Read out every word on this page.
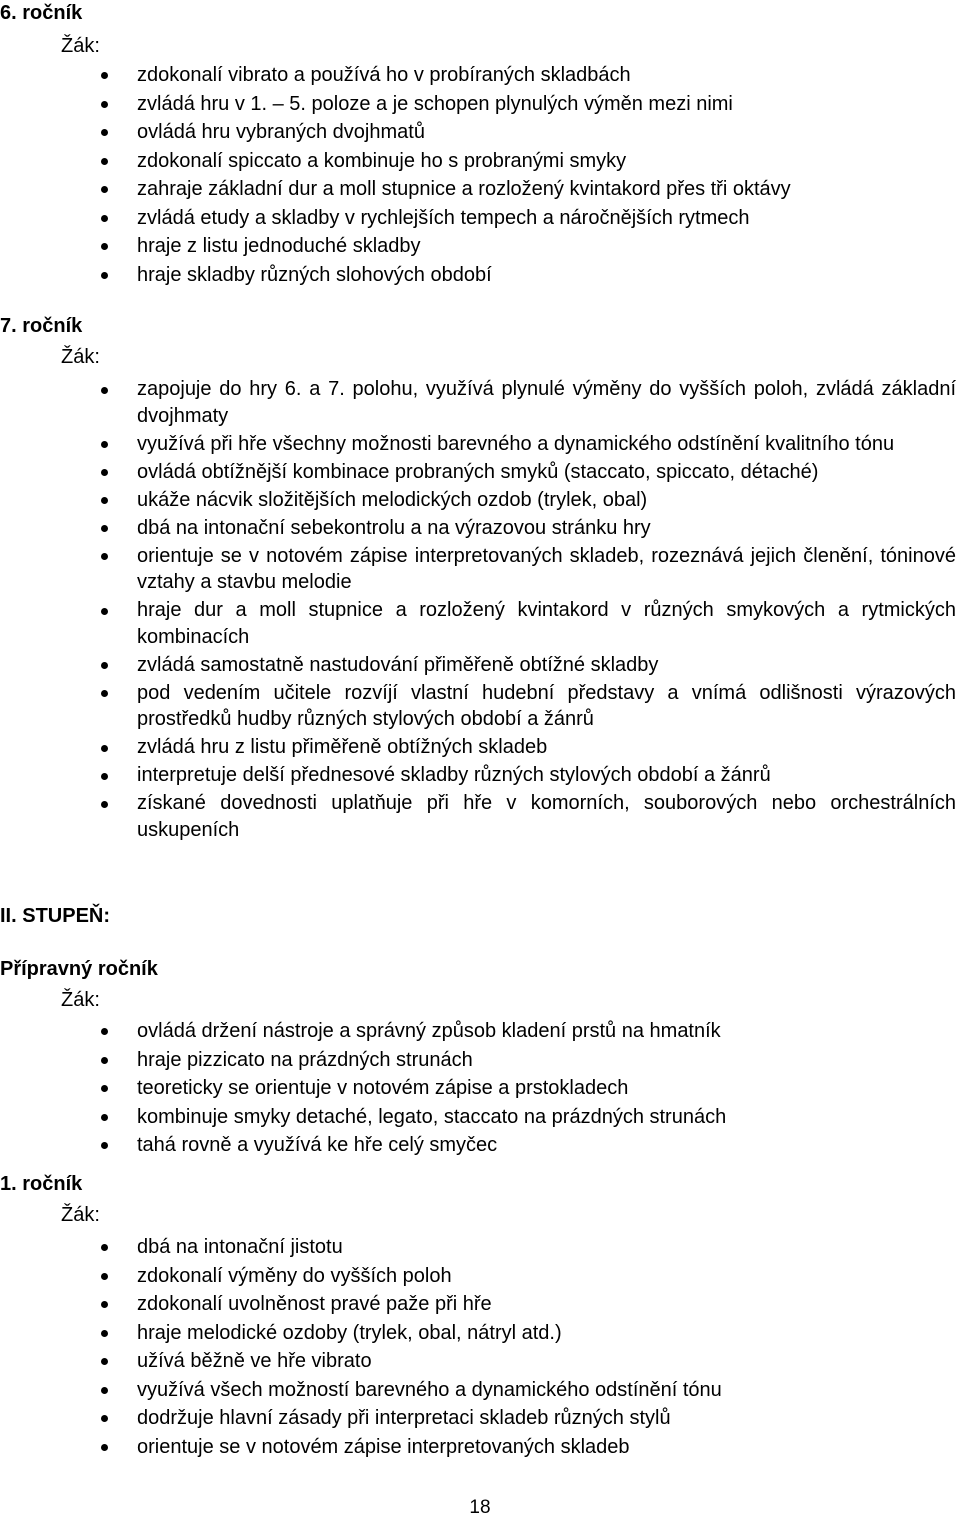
6. ročník
Žák:
zdokonalí vibrato a používá ho v probíraných skladbách
zvládá hru v 1. – 5. poloze a je schopen plynulých výměn mezi nimi
ovládá hru vybraných dvojhmatů
zdokonalí spiccato a kombinuje ho s probranými smyky
zahraje základní dur a moll stupnice a rozložený kvintakord přes tři oktávy
zvládá etudy a skladby v rychlejších tempech a náročnějších rytmech
hraje z listu jednoduché skladby
hraje skladby různých slohových období
7. ročník
Žák:
zapojuje do hry 6. a 7. polohu, využívá plynulé výměny do vyšších poloh, zvládá základní dvojhmaty
využívá při hře všechny možnosti barevného a dynamického odstínění kvalitního tónu
ovládá obtížnější kombinace probraných smyků (staccato, spiccato, détaché)
ukáže nácvik složitějších melodických ozdob (trylek, obal)
dbá na intonační sebekontrolu a na výrazovou stránku hry
orientuje se v notovém zápise interpretovaných skladeb, rozeznává jejich členění, tóninové vztahy a stavbu melodie
hraje dur a moll stupnice a rozložený kvintakord v různých smykových a rytmických kombinacích
zvládá samostatně nastudování přiměřeně obtížné skladby
pod vedením učitele rozvíjí vlastní hudební představy a vnímá odlišnosti výrazových prostředků hudby různých stylových období a žánrů
zvládá hru z listu přiměřeně obtížných skladeb
interpretuje delší přednesové skladby různých stylových období a žánrů
získané dovednosti uplatňuje při hře v komorních, souborových nebo orchestrálních uskupeních
II. STUPEŇ:
Přípravný ročník
Žák:
ovládá držení nástroje a správný způsob kladení prstů na hmatník
hraje pizzicato na prázdných strunách
teoreticky se orientuje v notovém zápise a prstokladech
kombinuje smyky detaché, legato, staccato na prázdných strunách
tahá rovně a využívá ke hře celý smyčec
1. ročník
Žák:
dbá na intonační jistotu
zdokonalí výměny do vyšších poloh
zdokonalí uvolněnost pravé paže při hře
hraje melodické ozdoby (trylek, obal, nátryl atd.)
užívá běžně ve hře vibrato
využívá všech možností barevného a dynamického odstínění tónu
dodržuje hlavní zásady při interpretaci skladeb různých stylů
orientuje se v notovém zápise interpretovaných skladeb
18
